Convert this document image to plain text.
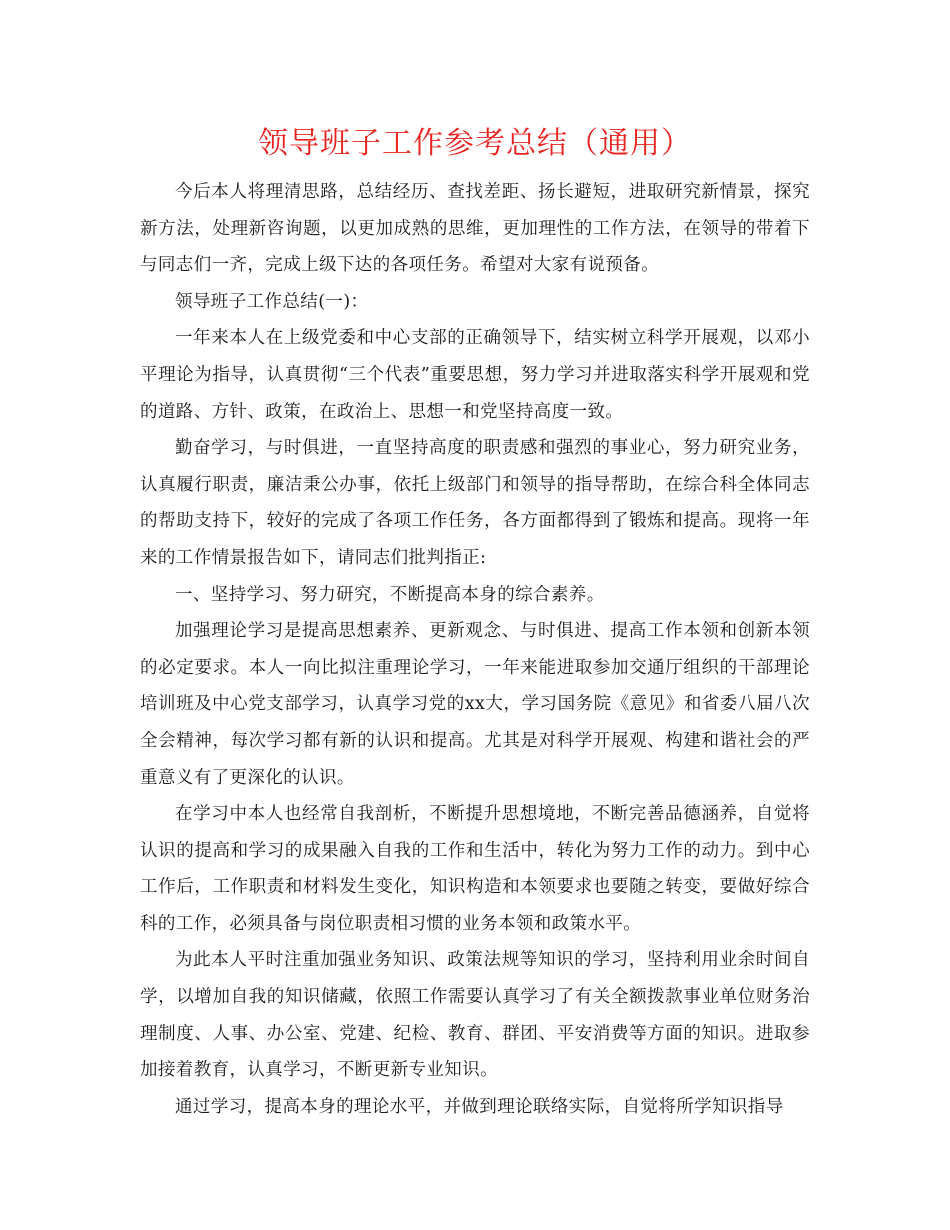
领导班子工作参考总结（通用）

今后本人将理清思路，总结经历、查找差距、扬长避短，进取研究新情景，探究新方法，处理新咨询题，以更加成熟的思维，更加理性的工作方法，在领导的带着下与同志们一齐，完成上级下达的各项任务。希望对大家有说预备。

领导班子工作总结(一)：

一年来本人在上级党委和中心支部的正确领导下，结实树立科学开展观，以邓小平理论为指导，认真贯彻“三个代表”重要思想，努力学习并进取落实科学开展观和党的道路、方针、政策，在政治上、思想一和党坚持高度一致。

勤奋学习，与时俱进，一直坚持高度的职责感和强烈的事业心，努力研究业务，认真履行职责，廉洁秉公办事，依托上级部门和领导的指导帮助，在综合科全体同志的帮助支持下，较好的完成了各项工作任务，各方面都得到了锻炼和提高。现将一年来的工作情景报告如下，请同志们批判指正:

一、坚持学习、努力研究，不断提高本身的综合素养。

加强理论学习是提高思想素养、更新观念、与时俱进、提高工作本领和创新本领的必定要求。本人一向比拟注重理论学习，一年来能进取参加交通厅组织的干部理论培训班及中心党支部学习，认真学习党的xx大，学习国务院《意见》和省委八届八次全会精神，每次学习都有新的认识和提高。尤其是对科学开展观、构建和谐社会的严重意义有了更深化的认识。

在学习中本人也经常自我剖析，不断提升思想境地，不断完善品德涵养，自觉将认识的提高和学习的成果融入自我的工作和生活中，转化为努力工作的动力。到中心工作后，工作职责和材料发生变化，知识构造和本领要求也要随之转变，要做好综合科的工作，必须具备与岗位职责相习惯的业务本领和政策水平。

为此本人平时注重加强业务知识、政策法规等知识的学习，坚持利用业余时间自学，以增加自我的知识储藏，依照工作需要认真学习了有关全额拨款事业单位财务治理制度、人事、办公室、党建、纪检、教育、群团、平安消费等方面的知识。进取参加接着教育，认真学习，不断更新专业知识。

通过学习，提高本身的理论水平，并做到理论联络实际，自觉将所学知识指导
